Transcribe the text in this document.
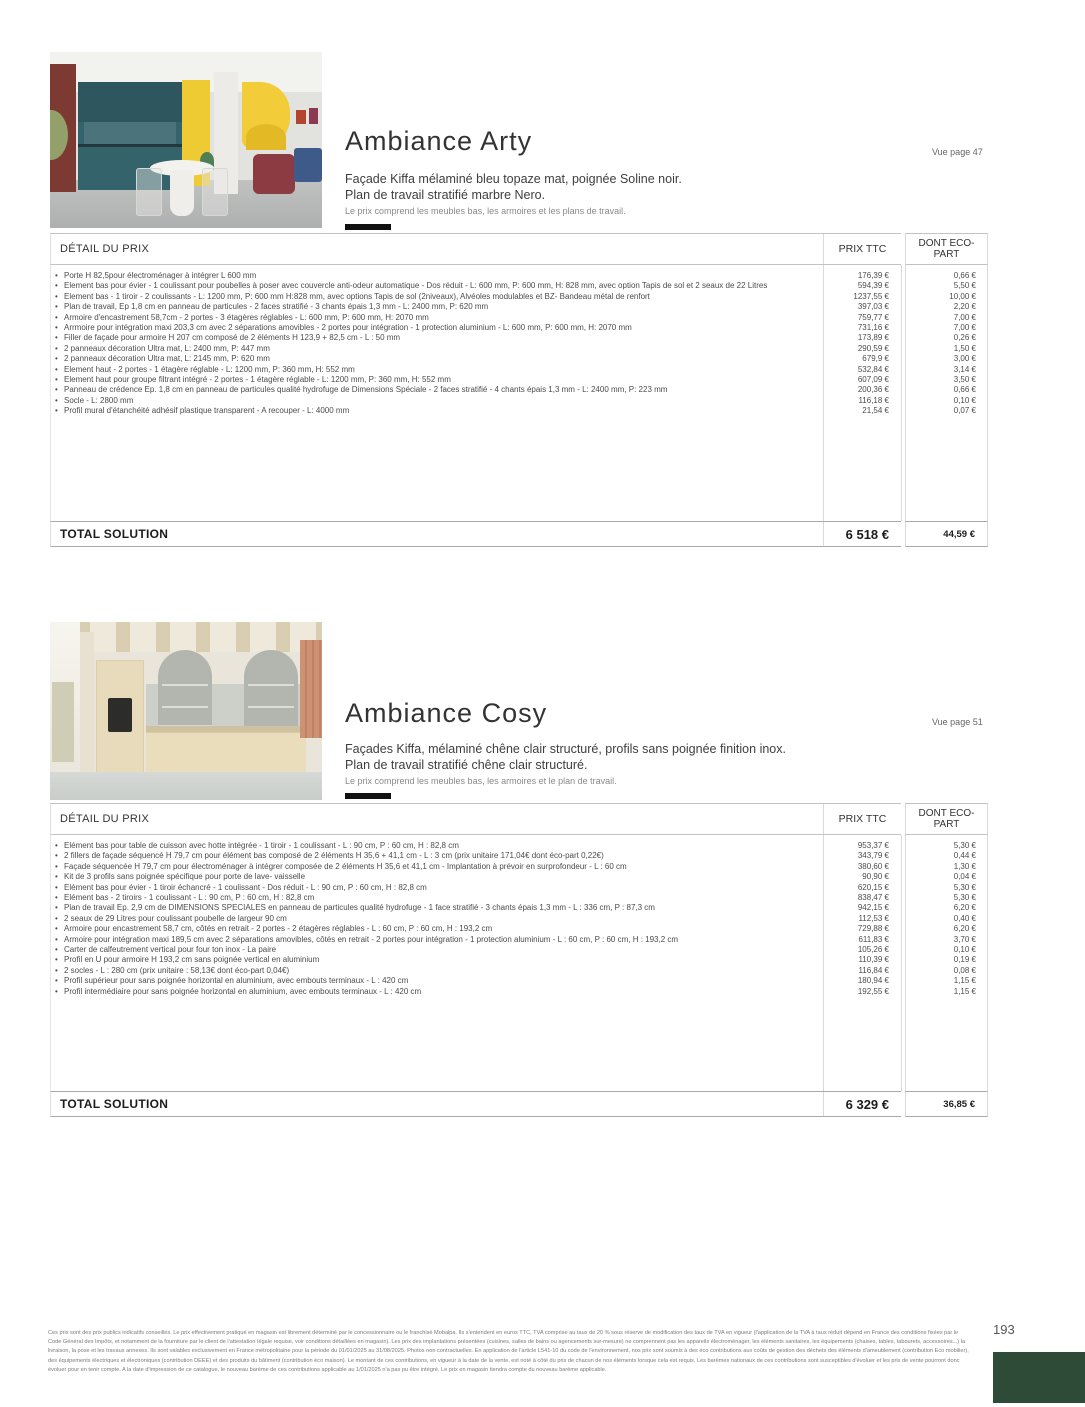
Ambiance Arty	Vue page 47

Façade Kiffa mélaminé bleu topaze mat, poignée Soline noir.
Plan de travail stratifié marbre Nero.

Le prix comprend les meubles bas, les armoires et les plans de travail.

DÉTAIL DU PRIX	PRIX TTC	DONT ECO-PART
• Porte H 82,5pour électroménager à intégrer L 600 mm	176,39 €	0,66 €
• Element bas pour évier - 1 coulissant pour poubelles à poser avec couvercle anti-odeur automatique - Dos réduit - L: 600 mm, P: 600 mm, H: 828 mm, avec option Tapis de sol et 2 seaux de 22 Litres	594,39 €	5,50 €
• Element bas - 1 tiroir - 2 coulissants - L: 1200 mm, P: 600 mm H:828 mm, avec options Tapis de sol (2niveaux), Alvéoles modulables et BZ- Bandeau métal de renfort	1237,55 €	10,00 €
• Plan de travail, Ep 1,8 cm en panneau de particules - 2 faces stratifié - 3 chants épais 1,3 mm - L: 2400 mm, P: 620 mm	397,03 €	2,20 €
• Armoire d'encastrement 58,7cm - 2 portes - 3 étagères réglables - L: 600 mm, P: 600 mm, H: 2070 mm	759,77 €	7,00 €
• Arrmoire pour intégration maxi 203,3 cm avec 2 séparations amovibles - 2 portes pour intégration - 1 protection aluminium - L: 600 mm, P: 600 mm, H: 2070 mm	731,16 €	7,00 €
• Filler de façade pour armoire H 207 cm composé de 2 éléments H 123,9 + 82,5 cm - L : 50 mm	173,89 €	0,26 €
• 2 panneaux décoration Ultra mat, L: 2400 mm, P: 447 mm	290,59 €	1,50 €
• 2 panneaux décoration Ultra mat, L: 2145 mm, P: 620 mm	679,9 €	3,00 €
• Element haut - 2 portes - 1 étagère réglable - L: 1200 mm, P: 360 mm, H: 552 mm	532,84 €	3,14 €
• Element haut pour groupe filtrant intégré - 2 portes - 1 étagère réglable - L: 1200 mm, P: 360 mm, H: 552 mm	607,09 €	3,50 €
• Panneau de crédence Ep. 1,8 cm en panneau de particules qualité hydrofuge de Dimensions Spéciale - 2 faces stratifié - 4 chants épais 1,3 mm - L: 2400 mm, P: 223 mm	200,36 €	0,66 €
• Socle - L: 2800 mm	116,18 €	0,10 €
• Profil mural d'étanchéité adhésif plastique transparent - A recouper - L: 4000 mm	21,54 €	0,07 €
TOTAL SOLUTION	6 518 €	44,59 €
Ambiance Cosy	Vue page 51

Façades Kiffa, mélaminé chêne clair structuré, profils sans poignée finition inox.
Plan de travail stratifié chêne clair structuré.

Le prix comprend les meubles bas, les armoires et le plan de travail.

DÉTAIL DU PRIX	PRIX TTC	DONT ECO-PART
• Elément bas pour table de cuisson avec hotte intégrée - 1 tiroir - 1 coulissant - L : 90 cm, P : 60 cm, H : 82,8 cm	953,37 €	5,30 €
• 2 fillers de façade séquencé H 79,7 cm pour élément bas composé de 2 éléments H 35,6 + 41,1 cm - L : 3 cm (prix unitaire 171,04€ dont éco-part 0,22€)	343,79 €	0,44 €
• Façade séquencée H 79,7 cm pour électroménager à intégrer composée de 2 éléments H 35,6 et 41,1 cm - Implantation à prévoir en surprofondeur - L : 60 cm	380,60 €	1,30 €
• Kit de 3 profils sans poignée spécifique pour porte de lave- vaisselle	90,90 €	0,04 €
• Elément bas pour évier - 1 tiroir échancré - 1 coulissant - Dos réduit - L : 90 cm, P : 60 cm, H : 82,8 cm	620,15 €	5,30 €
• Elément bas - 2 tiroirs - 1 coulissant - L : 90 cm, P : 60 cm, H : 82,8 cm	838,47 €	5,30 €
• Plan de travail Ep. 2,9 cm de DIMENSIONS SPECIALES en panneau de particules qualité hydrofuge - 1 face stratifié - 3 chants épais 1,3 mm - L : 336 cm, P : 87,3 cm	942,15 €	6,20 €
• 2 seaux de 29 Litres pour coulissant poubelle de largeur 90 cm	112,53 €	0,40 €
• Armoire pour encastrement 58,7 cm, côtés en retrait - 2 portes - 2 étagères réglables - L : 60 cm, P : 60 cm, H : 193,2 cm	729,88 €	6,20 €
• Armoire pour intégration maxi 189,5 cm avec 2 séparations amovibles, côtés en retrait - 2 portes pour intégration - 1 protection aluminium - L : 60 cm, P : 60 cm, H : 193,2 cm	611,83 €	3,70 €
• Carter de calfeutrement vertical pour four ton inox - La paire	105,26 €	0,10 €
• Profil en U pour armoire H 193,2 cm sans poignée vertical en aluminium	110,39 €	0,19 €
• 2 socles - L : 280 cm (prix unitaire : 58,13€ dont éco-part 0,04€)	116,84 €	0,08 €
• Profil supérieur pour sans poignée horizontal en aluminium, avec embouts terminaux - L : 420 cm	180,94 €	1,15 €
• Profil intermédiaire pour sans poignée horizontal en aluminium, avec embouts terminaux - L : 420 cm	192,55 €	1,15 €
TOTAL SOLUTION	6 329 €	36,85 €
Ces prix sont des prix publics indicatifs conseillés. Le prix effectivement pratiqué en magasin est librement déterminé par le concessionnaire ou le franchisé Mobalpa. Ils s'entendent en euros TTC, TVA comprise au taux de 20 % sous réserve de modification des taux de TVA en vigueur (l'application de la TVA à taux réduit dépend en France des conditions fixées par le
Code Général des Impôts, et notamment de la fourniture par le client de l'attestation légale requise, voir conditions détaillées en magasin). Les prix des implantations présentées (cuisines, salles de bains ou agencements sur-mesure) ne comprennent pas les appareils électroménager, les éléments sanitaires, les équipements (chaises, tables, tabourets, accessoires...) la
livraison, la pose et les travaux annexes. Ils sont valables exclusivement en France métropolitaine pour la période du 01/01/2025 au 31/08/2025. Photos non contractuelles. En application de l'article L541-10 du code de l'environnement, nos prix sont soumis à des éco contributions aux coûts de gestion des déchets des éléments d'ameublement (contribution Eco mobilier),
des équipements électriques et électroniques (contribution DEEE) et des produits du bâtiment (contribution éco maison). Le montant de ces contributions, en vigueur à la date de la vente, est noté à côté du prix de chacun de nos éléments lorsque cela est requis. Les barèmes nationaux de ces contributions sont susceptibles d'évoluer et les prix de vente pourront donc
évoluer pour en tenir compte. A la date d'impression de ce catalogue, le nouveau barème de ces contributions applicable au 1/01/2025 n'a pas pu être intégré. Le prix en magasin tiendra compte du nouveau barème applicable.
193
